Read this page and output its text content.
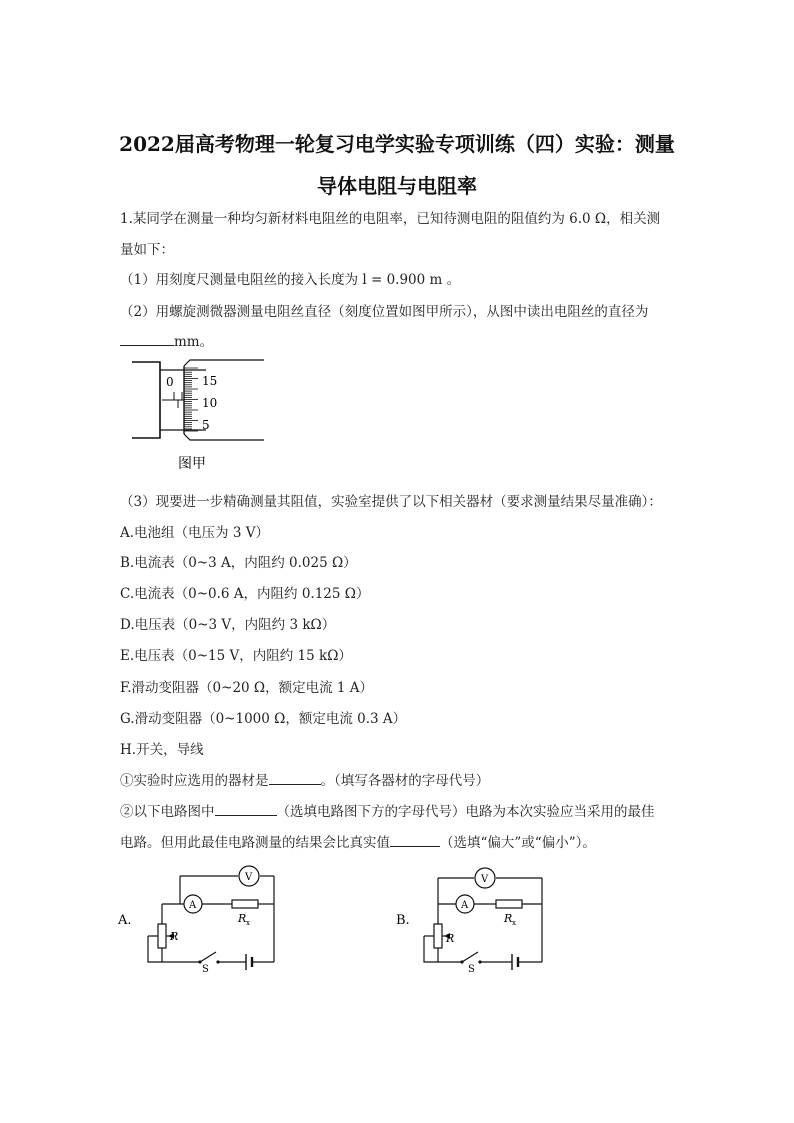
2022届高考物理一轮复习电学实验专项训练（四）实验：测量
导体电阻与电阻率
1.某同学在测量一种均匀新材料电阻丝的电阻率，已知待测电阻的阻值约为 6.0 Ω，相关测
量如下：
（1）用刻度尺测量电阻丝的接入长度为 l = 0.900 m 。
（2）用螺旋测微器测量电阻丝直径（刻度位置如图甲所示），从图中读出电阻丝的直径为
mm。
0 15
10
5
图甲
（3）现要进一步精确测量其阻值，实验室提供了以下相关器材（要求测量结果尽量准确）：
A.电池组（电压为 3 V）
B.电流表（0~3 A，内阻约 0.025 Ω）
C.电流表（0~0.6 A，内阻约 0.125 Ω）
D.电压表（0~3 V，内阻约 3 kΩ）
E.电压表（0~15 V，内阻约 15 kΩ）
F.滑动变阻器（0~20 Ω，额定电流 1 A）
G.滑动变阻器（0~1000 Ω，额定电流 0.3 A）
H.开关，导线
①实验时应选用的器材是	。（填写各器材的字母代号）
②以下电路图中	（选填电路图下方的字母代号）电路为本次实验应当采用的最佳
电路。但用此最佳电路测量的结果会比真实值	（选填“偏大”或“偏小”）。
A.
V
A
R x
R
S
B.
V
A
R x
R
S
